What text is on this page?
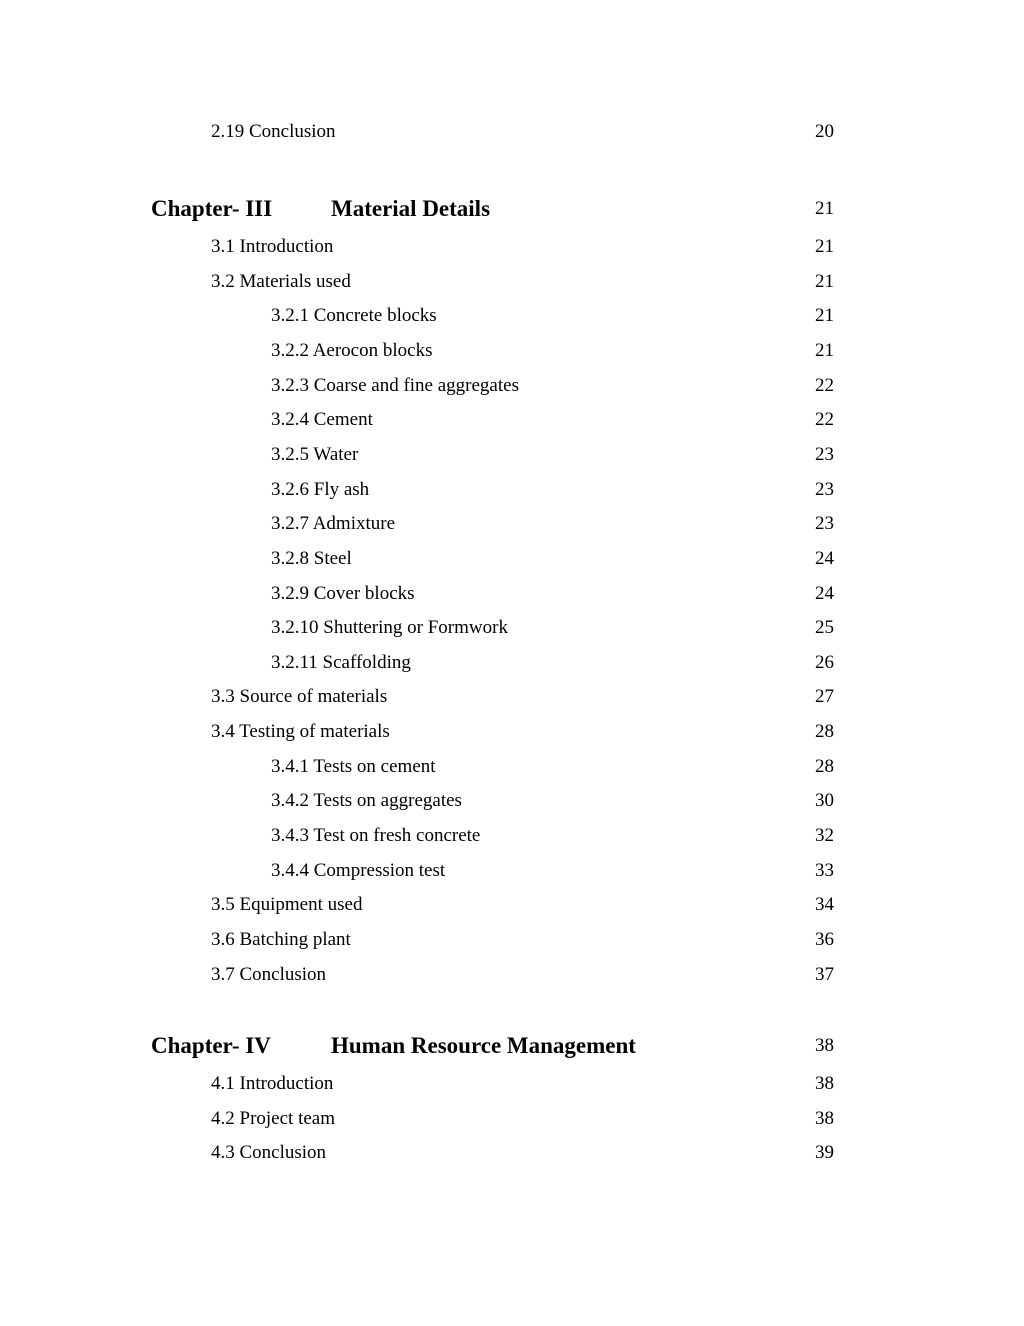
2.19 Conclusion	20
Chapter- III	Material Details	21
3.1 Introduction	21
3.2 Materials used	21
3.2.1 Concrete blocks	21
3.2.2 Aerocon blocks	21
3.2.3 Coarse and fine aggregates	22
3.2.4 Cement	22
3.2.5 Water	23
3.2.6 Fly ash	23
3.2.7 Admixture	23
3.2.8 Steel	24
3.2.9 Cover blocks	24
3.2.10 Shuttering or Formwork	25
3.2.11 Scaffolding	26
3.3 Source of materials	27
3.4 Testing of materials	28
3.4.1 Tests on cement	28
3.4.2 Tests on aggregates	30
3.4.3 Test on fresh concrete	32
3.4.4 Compression test	33
3.5 Equipment used	34
3.6 Batching plant	36
3.7 Conclusion	37
Chapter- IV	Human Resource Management	38
4.1 Introduction	38
4.2 Project team	38
4.3 Conclusion	39
